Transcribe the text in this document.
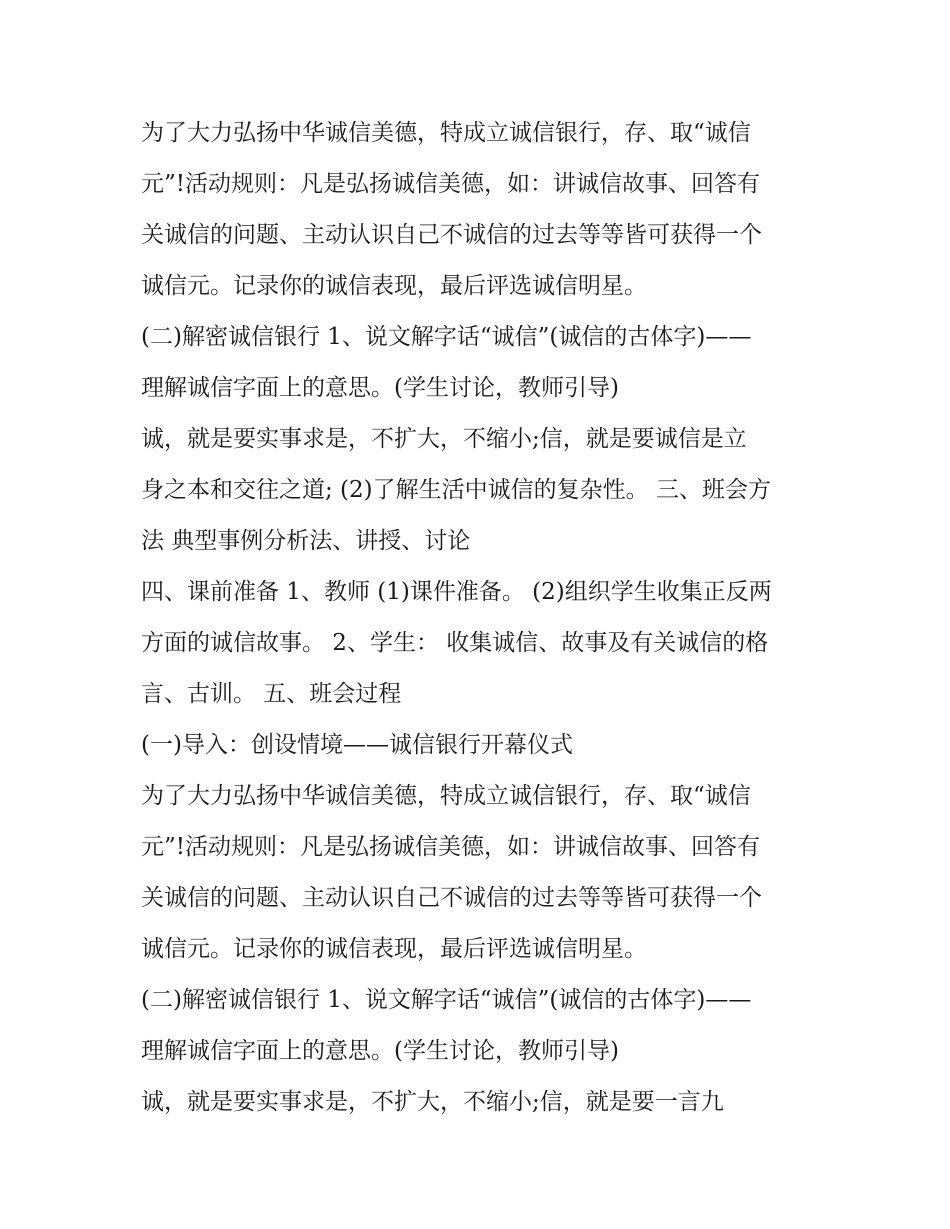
为了大力弘扬中华诚信美德，特成立诚信银行，存、取“诚信
元”!活动规则：凡是弘扬诚信美德，如：讲诚信故事、回答有
关诚信的问题、主动认识自己不诚信的过去等等皆可获得一个
诚信元。记录你的诚信表现，最后评选诚信明星。
(二)解密诚信银行 1、说文解字话“诚信”(诚信的古体字)——
理解诚信字面上的意思。(学生讨论，教师引导)
诚，就是要实事求是，不扩大，不缩小;信，就是要诚信是立
身之本和交往之道; (2)了解生活中诚信的复杂性。 三、班会方
法 典型事例分析法、讲授、讨论
四、课前准备 1、教师 (1)课件准备。 (2)组织学生收集正反两
方面的诚信故事。 2、学生： 收集诚信、故事及有关诚信的格
言、古训。 五、班会过程
(一)导入：创设情境——诚信银行开幕仪式
为了大力弘扬中华诚信美德，特成立诚信银行，存、取“诚信
元”!活动规则：凡是弘扬诚信美德，如：讲诚信故事、回答有
关诚信的问题、主动认识自己不诚信的过去等等皆可获得一个
诚信元。记录你的诚信表现，最后评选诚信明星。
(二)解密诚信银行 1、说文解字话“诚信”(诚信的古体字)——
理解诚信字面上的意思。(学生讨论，教师引导)
诚，就是要实事求是，不扩大，不缩小;信，就是要一言九
